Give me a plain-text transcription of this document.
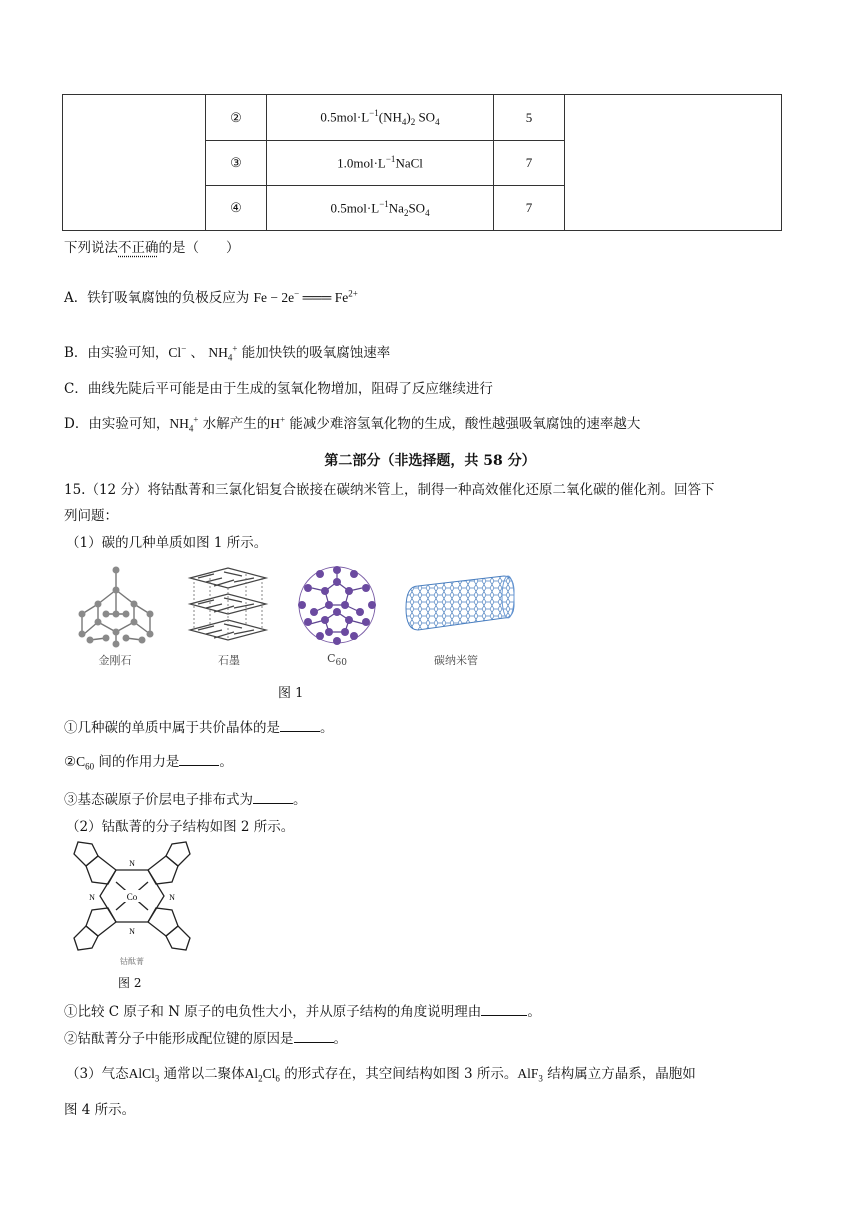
	②	$0.5mol\cdot L^{-1}(NH_4)_2$ $SO_4$	5	
	③	$1.0mol\cdot L^{-1}NaCl$	7	
	④	$0.5mol\cdot L^{-1}Na_2SO_4$	7	
下列说法不正确的是（　　）
A．铁钉吸氧腐蚀的负极反应为 Fe − 2e− ═══ $Fe^{2+}$
B．由实验可知，Cl− 、 $NH_4^+$ 能加快铁的吸氧腐蚀速率
C．曲线先陡后平可能是由于生成的氢氧化物增加，阻碍了反应继续进行
D．由实验可知，$NH_4^+$ 水解产生的H+ 能减少难溶氢氧化物的生成，酸性越强吸氧腐蚀的速率越大
第二部分（非选择题，共 58 分）
15.（12 分）将钴酞菁和三氯化铝复合嵌接在碳纳米管上，制得一种高效催化还原二氧化碳的催化剂。回答下
列问题：
（1）碳的几种单质如图 1 所示。
金刚石	石墨	$C_{60}$	碳纳米管
图 1
①几种碳的单质中属于共价晶体的是	。
$②C_{60}$ 间的作用力是	。
③基态碳原子价层电子排布式为	。
（2）钴酞菁的分子结构如图 2 所示。
Co
N
N
N	N
钴酞菁
图 2
①比较 C 原子和 N 原子的电负性大小，并从原子结构的角度说明理由	。
②钴酞菁分子中能形成配位键的原因是	。
（3）气态AlCl$_3$ 通常以二聚体$Al_2Cl_6$ 的形式存在，其空间结构如图 3 所示。AlF$_3$ 结构属立方晶系，晶胞如
图 4 所示。
